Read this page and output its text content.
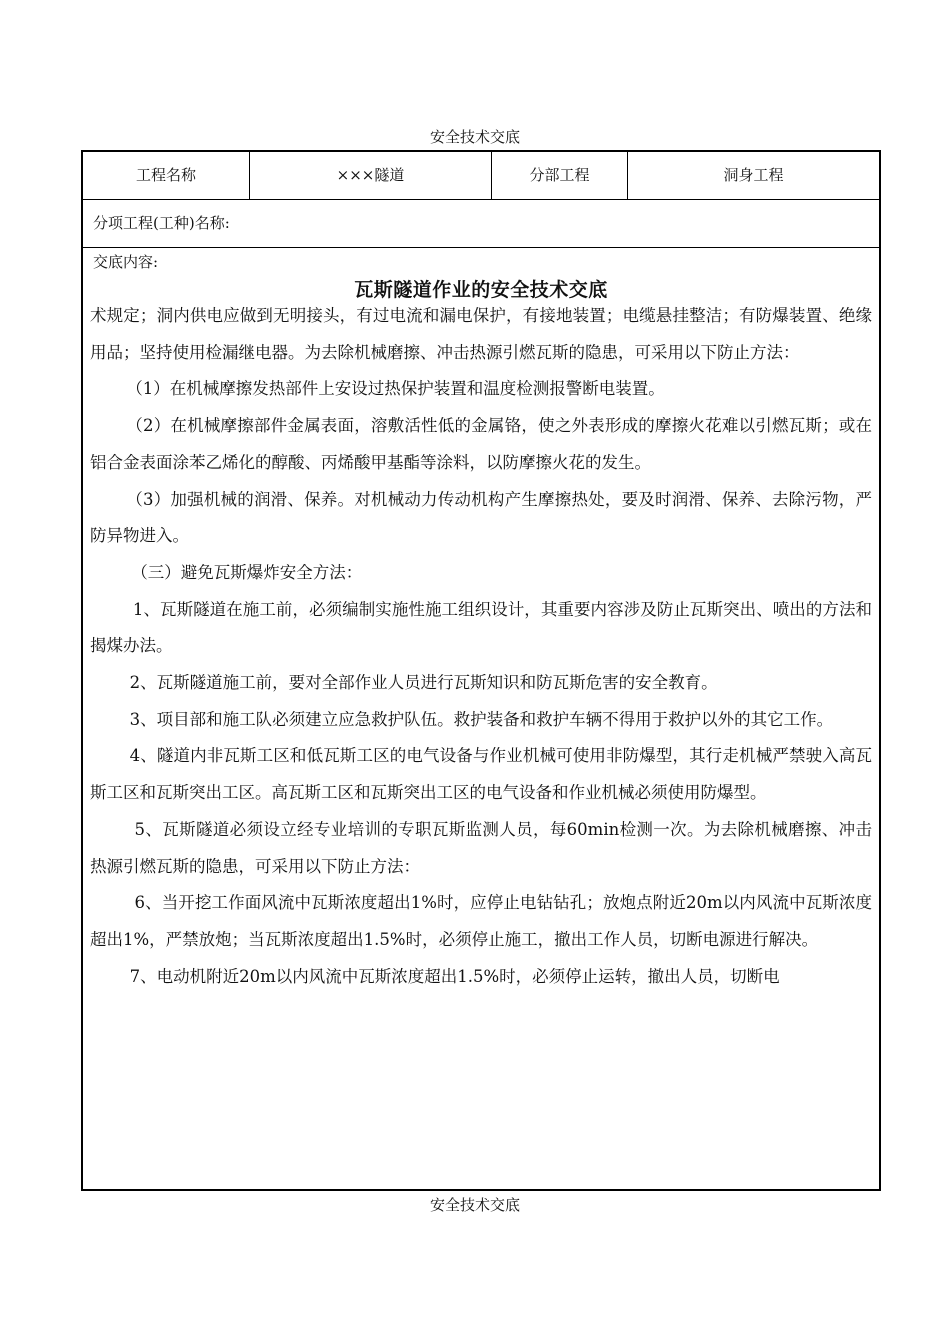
安全技术交底
工程名称	×××隧道	分部工程	洞身工程
分项工程(工种)名称:
交底内容:
瓦斯隧道作业的安全技术交底

术规定；洞内供电应做到无明接头，有过电流和漏电保护，有接地装置；电缆悬挂整洁；有防爆装置、绝缘用品；坚持使用检漏继电器。为去除机械磨擦、冲击热源引燃瓦斯的隐患，可采用以下防止方法：

（1）在机械摩擦发热部件上安设过热保护装置和温度检测报警断电装置。

（2）在机械摩擦部件金属表面，溶敷活性低的金属铬，使之外表形成的摩擦火花难以引燃瓦斯；或在铝合金表面涂苯乙烯化的醇酸、丙烯酸甲基酯等涂料，以防摩擦火花的发生。

（3）加强机械的润滑、保养。对机械动力传动机构产生摩擦热处，要及时润滑、保养、去除污物，严防异物进入。

（三）避免瓦斯爆炸安全方法：

1、瓦斯隧道在施工前，必须编制实施性施工组织设计，其重要内容涉及防止瓦斯突出、喷出的方法和揭煤办法。

2、瓦斯隧道施工前，要对全部作业人员进行瓦斯知识和防瓦斯危害的安全教育。

3、项目部和施工队必须建立应急救护队伍。救护装备和救护车辆不得用于救护以外的其它工作。

4、隧道内非瓦斯工区和低瓦斯工区的电气设备与作业机械可使用非防爆型，其行走机械严禁驶入高瓦斯工区和瓦斯突出工区。高瓦斯工区和瓦斯突出工区的电气设备和作业机械必须使用防爆型。

5、瓦斯隧道必须设立经专业培训的专职瓦斯监测人员，每60min检测一次。为去除机械磨擦、冲击热源引燃瓦斯的隐患，可采用以下防止方法：

6、当开挖工作面风流中瓦斯浓度超出1%时，应停止电钻钻孔；放炮点附近20m以内风流中瓦斯浓度超出1%，严禁放炮；当瓦斯浓度超出1.5%时，必须停止施工，撤出工作人员，切断电源进行解决。

7、电动机附近20m以内风流中瓦斯浓度超出1.5%时，必须停止运转，撤出人员，切断电

安全技术交底
